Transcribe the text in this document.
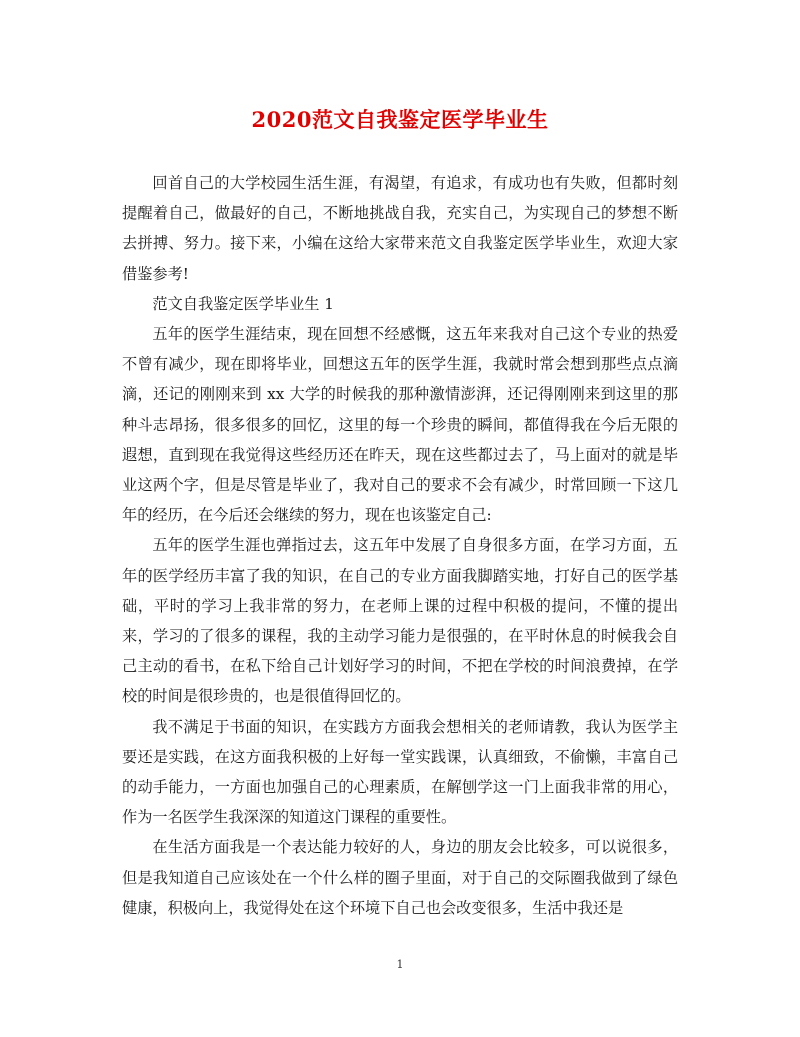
2020范文自我鉴定医学毕业生

回首自己的大学校园生活生涯，有渴望，有追求，有成功也有失败，但都时刻提醒着自己，做最好的自己，不断地挑战自我，充实自己，为实现自己的梦想不断去拼搏、努力。接下来，小编在这给大家带来范文自我鉴定医学毕业生，欢迎大家借鉴参考!

范文自我鉴定医学毕业生 1

五年的医学生涯结束，现在回想不经感慨，这五年来我对自己这个专业的热爱不曾有减少，现在即将毕业，回想这五年的医学生涯，我就时常会想到那些点点滴滴，还记的刚刚来到 xx 大学的时候我的那种激情澎湃，还记得刚刚来到这里的那种斗志昂扬，很多很多的回忆，这里的每一个珍贵的瞬间，都值得我在今后无限的遐想，直到现在我觉得这些经历还在昨天，现在这些都过去了，马上面对的就是毕业这两个字，但是尽管是毕业了，我对自己的要求不会有减少，时常回顾一下这几年的经历，在今后还会继续的努力，现在也该鉴定自己:

五年的医学生涯也弹指过去，这五年中发展了自身很多方面，在学习方面，五年的医学经历丰富了我的知识，在自己的专业方面我脚踏实地，打好自己的医学基础，平时的学习上我非常的努力，在老师上课的过程中积极的提问，不懂的提出来，学习的了很多的课程，我的主动学习能力是很强的，在平时休息的时候我会自己主动的看书，在私下给自己计划好学习的时间，不把在学校的时间浪费掉，在学校的时间是很珍贵的，也是很值得回忆的。

我不满足于书面的知识，在实践方方面我会想相关的老师请教，我认为医学主要还是实践，在这方面我积极的上好每一堂实践课，认真细致，不偷懒，丰富自己的动手能力，一方面也加强自己的心理素质，在解刨学这一门上面我非常的用心，作为一名医学生我深深的知道这门课程的重要性。

在生活方面我是一个表达能力较好的人，身边的朋友会比较多，可以说很多，但是我知道自己应该处在一个什么样的圈子里面，对于自己的交际圈我做到了绿色健康，积极向上，我觉得处在这个环境下自己也会改变很多，生活中我还是

1
